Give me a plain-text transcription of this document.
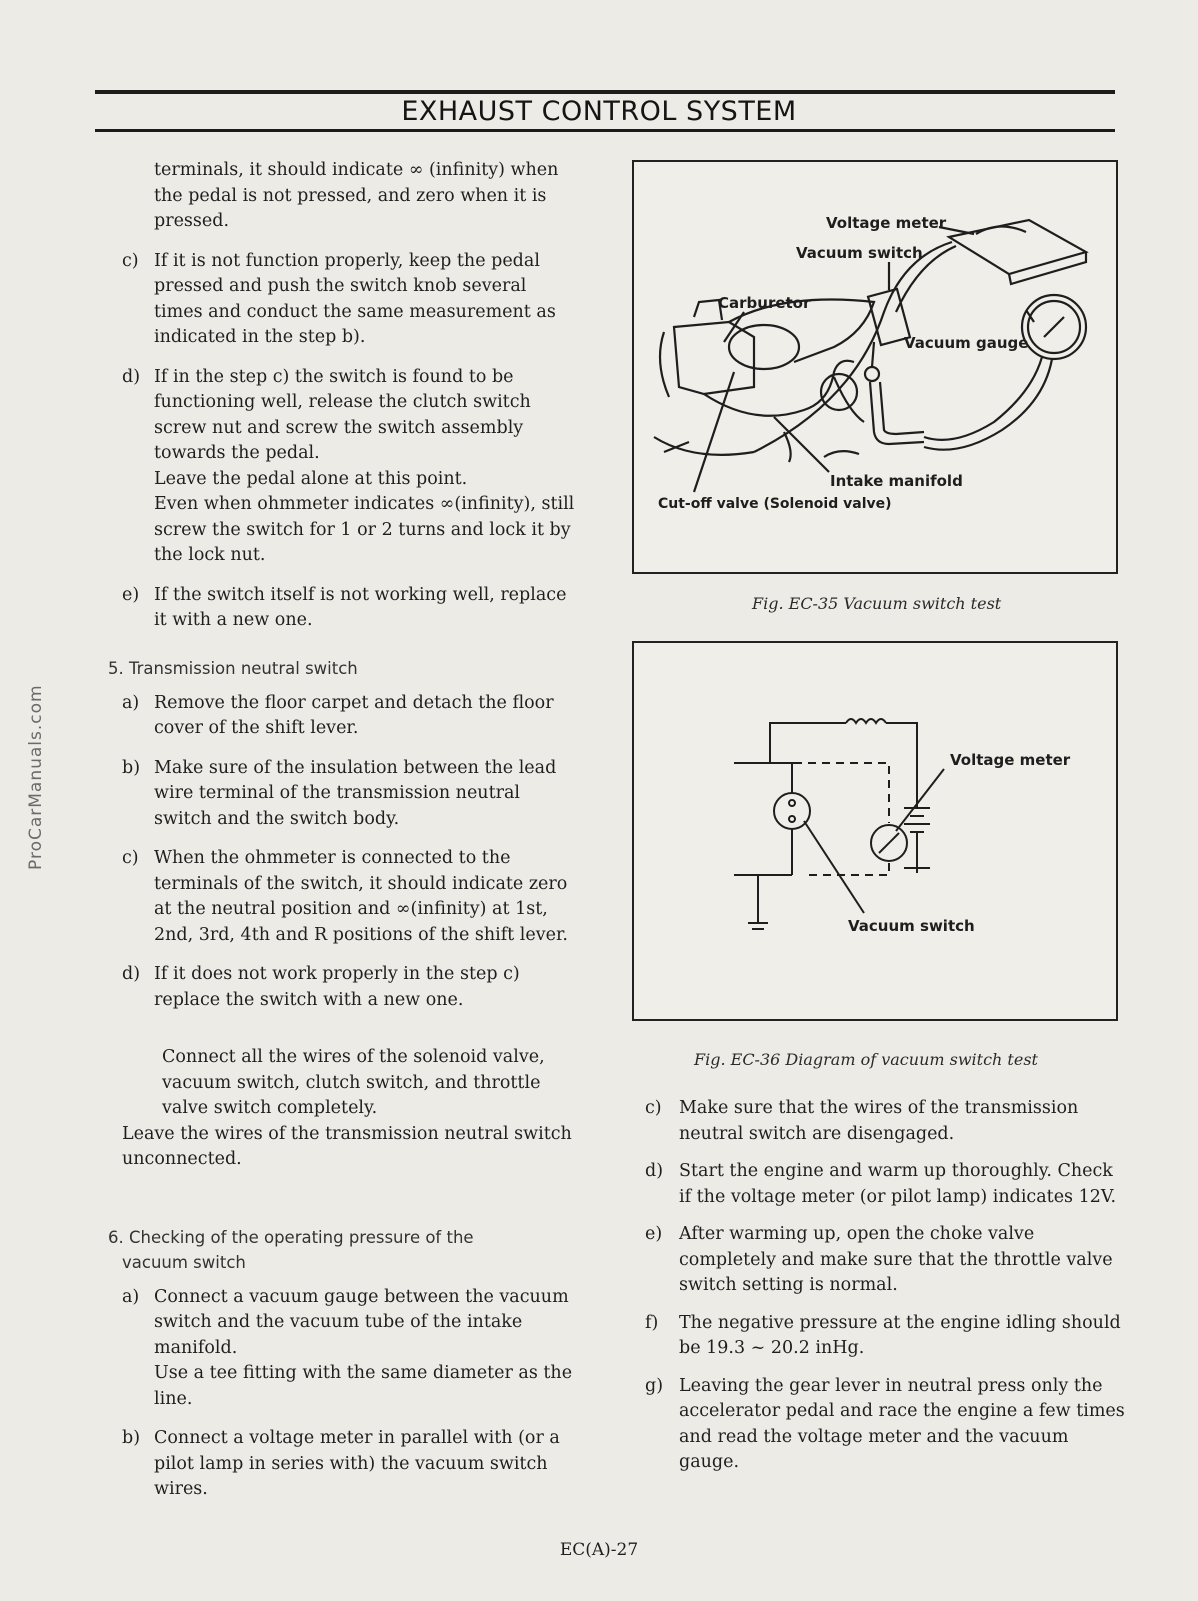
EXHAUST CONTROL SYSTEM
ProCarManuals.com
terminals, it should indicate ∞ (infinity) when the pedal is not pressed, and zero when it is pressed.
c) If it is not function properly, keep the pedal pressed and push the switch knob several times and conduct the same measurement as indicated in the step b).
d) If in the step c) the switch is found to be functioning well, release the clutch switch screw nut and screw the switch assembly towards the pedal.
Leave the pedal alone at this point.
Even when ohmmeter indicates ∞(infinity), still screw the switch for 1 or 2 turns and lock it by the lock nut.
e) If the switch itself is not working well, replace it with a new one.
5. Transmission neutral switch
a) Remove the floor carpet and detach the floor cover of the shift lever.
b) Make sure of the insulation between the lead wire terminal of the transmission neutral switch and the switch body.
c) When the ohmmeter is connected to the terminals of the switch, it should indicate zero at the neutral position and ∞(infinity) at 1st, 2nd, 3rd, 4th and R positions of the shift lever.
d) If it does not work properly in the step c) replace the switch with a new one.
Connect all the wires of the solenoid valve, vacuum switch, clutch switch, and throttle valve switch completely.
Leave the wires of the transmission neutral switch unconnected.
6. Checking of the operating pressure of the
vacuum switch
a) Connect a vacuum gauge between the vacuum switch and the vacuum tube of the intake manifold.
Use a tee fitting with the same diameter as the line.
b) Connect a voltage meter in parallel with (or a pilot lamp in series with) the vacuum switch wires.
Voltage meter
Vacuum switch
Carburetor
Vacuum gauge
Intake manifold
Cut-off valve (Solenoid valve)
Fig. EC-35 Vacuum switch test
Voltage meter
Vacuum switch
Fig. EC-36 Diagram of vacuum switch test
c) Make sure that the wires of the transmission neutral switch are disengaged.
d) Start the engine and warm up thoroughly. Check if the voltage meter (or pilot lamp) indicates 12V.
e) After warming up, open the choke valve completely and make sure that the throttle valve switch setting is normal.
f) The negative pressure at the engine idling should be 19.3 ~ 20.2 inHg.
g) Leaving the gear lever in neutral press only the accelerator pedal and race the engine a few times and read the voltage meter and the vacuum gauge.
EC(A)-27
